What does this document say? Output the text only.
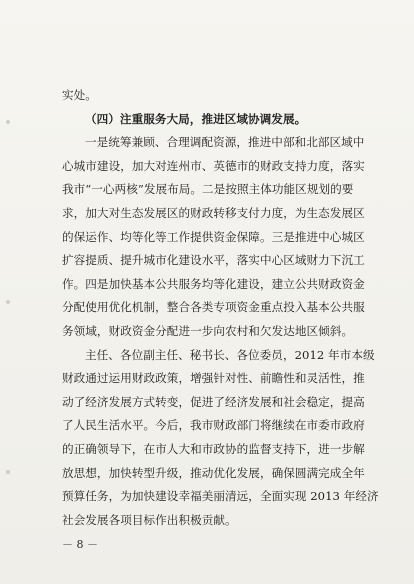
实处。
（四）注重服务大局，推进区域协调发展。
一是统筹兼顾、合理调配资源，推进中部和北部区域中
心城市建设，加大对连州市、英德市的财政支持力度，落实
我市“一心两核”发展布局。二是按照主体功能区规划的要
求，加大对生态发展区的财政转移支付力度，为生态发展区
的保运作、均等化等工作提供资金保障。三是推进中心城区
扩容提质、提升城市化建设水平，落实中心区域财力下沉工
作。四是加快基本公共服务均等化建设，建立公共财政资金
分配使用优化机制，整合各类专项资金重点投入基本公共服
务领域，财政资金分配进一步向农村和欠发达地区倾斜。
主任、各位副主任、秘书长、各位委员，2012 年市本级
财政通过运用财政政策，增强针对性、前瞻性和灵活性，推
动了经济发展方式转变，促进了经济发展和社会稳定，提高
了人民生活水平。今后，我市财政部门将继续在市委市政府
的正确领导下，在市人大和市政协的监督支持下，进一步解
放思想，加快转型升级，推动优化发展，确保圆满完成全年
预算任务，为加快建设幸福美丽清远，全面实现 2013 年经济
社会发展各项目标作出积极贡献。
－ 8 －
